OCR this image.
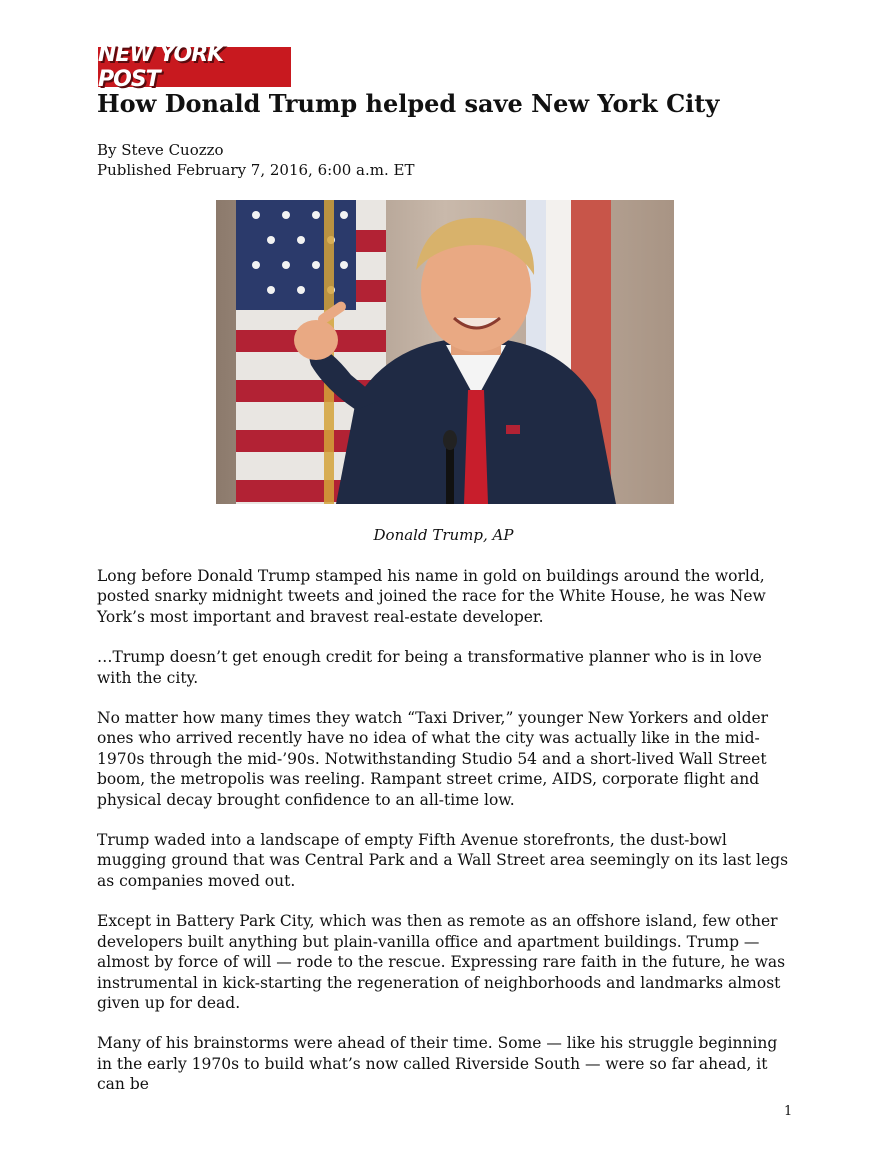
NEW YORK POST
How Donald Trump helped save New York City
By Steve Cuozzo
Published February 7, 2016, 6:00 a.m. ET
Donald Trump, AP

Long before Donald Trump stamped his name in gold on buildings around the world, posted snarky midnight tweets and joined the race for the White House, he was New York’s most important and bravest real-estate developer.

…Trump doesn’t get enough credit for being a transformative planner who is in love with the city.

No matter how many times they watch “Taxi Driver,” younger New Yorkers and older ones who arrived recently have no idea of what the city was actually like in the mid-1970s through the mid-’90s. Notwithstanding Studio 54 and a short-lived Wall Street boom, the metropolis was reeling. Rampant street crime, AIDS, corporate flight and physical decay brought confidence to an all-time low.

Trump waded into a landscape of empty Fifth Avenue storefronts, the dust-bowl mugging ground that was Central Park and a Wall Street area seemingly on its last legs as companies moved out.

Except in Battery Park City, which was then as remote as an offshore island, few other developers built anything but plain-vanilla office and apartment buildings. Trump — almost by force of will — rode to the rescue. Expressing rare faith in the future, he was instrumental in kick-starting the regeneration of neighborhoods and landmarks almost given up for dead.

Many of his brainstorms were ahead of their time. Some — like his struggle beginning in the early 1970s to build what’s now called Riverside South — were so far ahead, it can be

1
